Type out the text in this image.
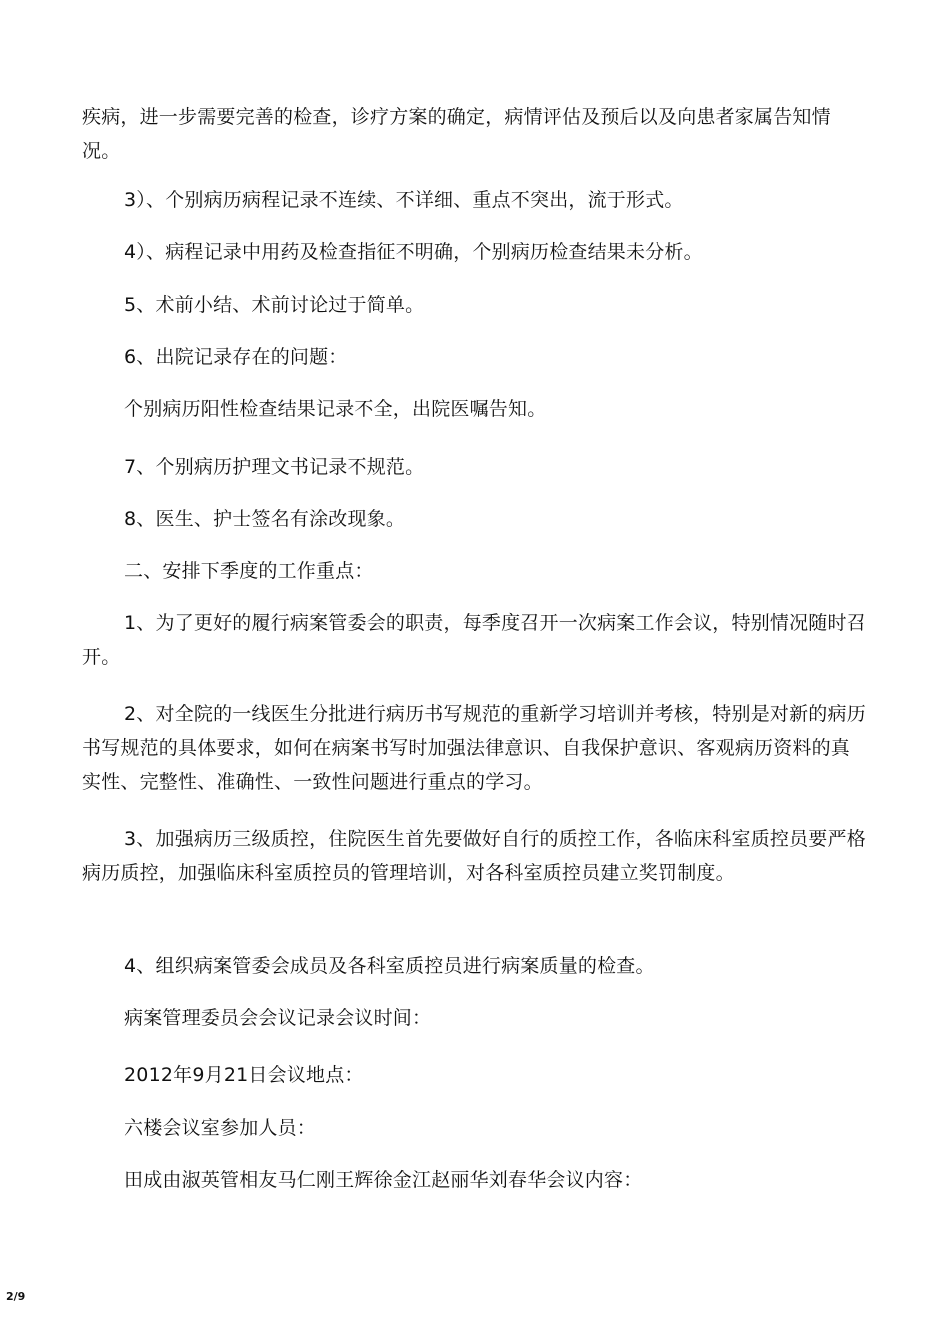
疾病，进一步需要完善的检查，诊疗方案的确定，病情评估及预后以及向患者家属告知情况。

3）、个别病历病程记录不连续、不详细、重点不突出，流于形式。

4）、病程记录中用药及检查指征不明确，个别病历检查结果未分析。

5、术前小结、术前讨论过于简单。

6、出院记录存在的问题：

个别病历阳性检查结果记录不全，出院医嘱告知。

7、个别病历护理文书记录不规范。

8、医生、护士签名有涂改现象。

二、安排下季度的工作重点：

1、为了更好的履行病案管委会的职责，每季度召开一次病案工作会议，特别情况随时召开。

2、对全院的一线医生分批进行病历书写规范的重新学习培训并考核，特别是对新的病历书写规范的具体要求，如何在病案书写时加强法律意识、自我保护意识、客观病历资料的真实性、完整性、准确性、一致性问题进行重点的学习。

3、加强病历三级质控，住院医生首先要做好自行的质控工作，各临床科室质控员要严格病历质控，加强临床科室质控员的管理培训，对各科室质控员建立奖罚制度。

4、组织病案管委会成员及各科室质控员进行病案质量的检查。

病案管理委员会会议记录会议时间：

2012年9月21日会议地点：

六楼会议室参加人员：

田成由淑英管相友马仁刚王辉徐金江赵丽华刘春华会议内容：

2/9
